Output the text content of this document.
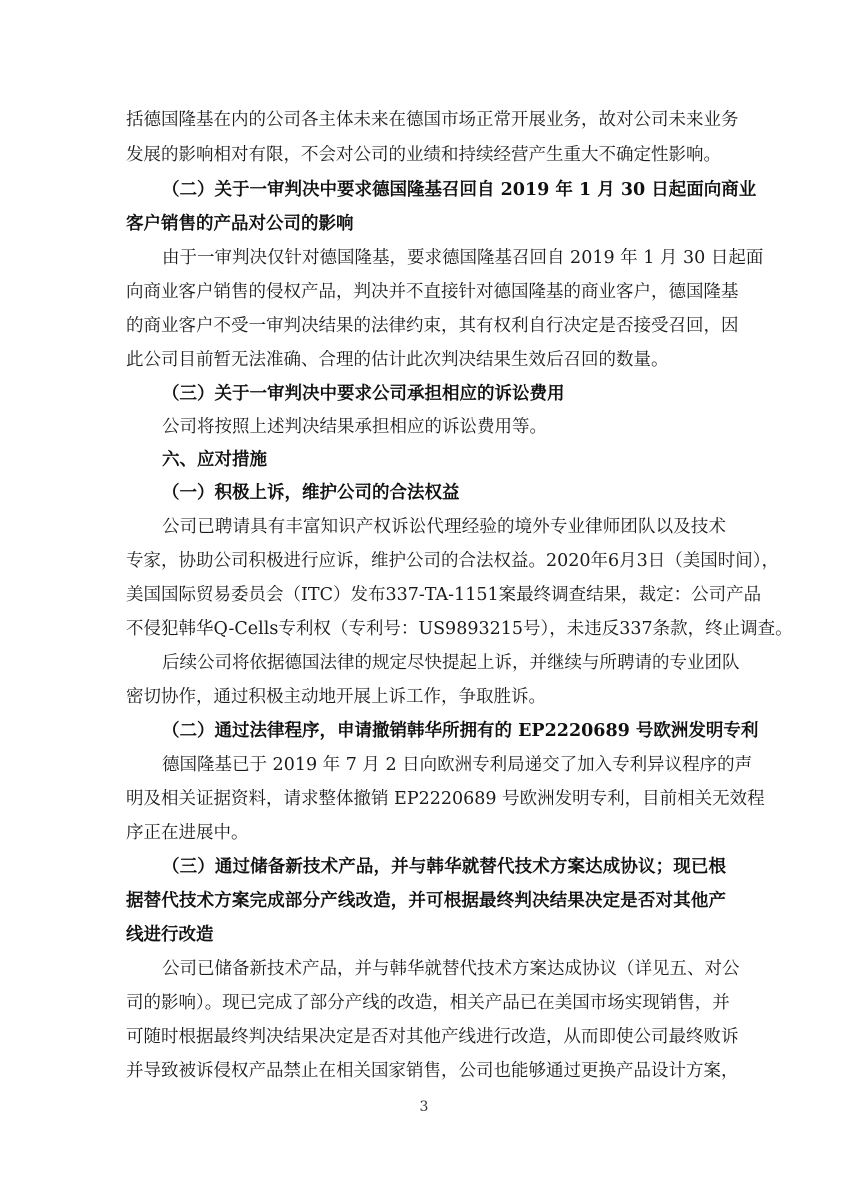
括德国隆基在内的公司各主体未来在德国市场正常开展业务，故对公司未来业务
发展的影响相对有限，不会对公司的业绩和持续经营产生重大不确定性影响。
（二）关于一审判决中要求德国隆基召回自 2019 年 1 月 30 日起面向商业
客户销售的产品对公司的影响
由于一审判决仅针对德国隆基，要求德国隆基召回自 2019 年 1 月 30 日起面
向商业客户销售的侵权产品，判决并不直接针对德国隆基的商业客户，德国隆基
的商业客户不受一审判决结果的法律约束，其有权利自行决定是否接受召回，因
此公司目前暂无法准确、合理的估计此次判决结果生效后召回的数量。
（三）关于一审判决中要求公司承担相应的诉讼费用
公司将按照上述判决结果承担相应的诉讼费用等。
六、应对措施
（一）积极上诉，维护公司的合法权益
公司已聘请具有丰富知识产权诉讼代理经验的境外专业律师团队以及技术
专家，协助公司积极进行应诉，维护公司的合法权益。2020年6月3日（美国时间），
美国国际贸易委员会（ITC）发布337-TA-1151案最终调查结果，裁定：公司产品
不侵犯韩华Q-Cells专利权（专利号：US9893215号），未违反337条款，终止调查。
后续公司将依据德国法律的规定尽快提起上诉，并继续与所聘请的专业团队
密切协作，通过积极主动地开展上诉工作，争取胜诉。
（二）通过法律程序，申请撤销韩华所拥有的 EP2220689 号欧洲发明专利
德国隆基已于 2019 年 7 月 2 日向欧洲专利局递交了加入专利异议程序的声
明及相关证据资料，请求整体撤销 EP2220689 号欧洲发明专利，目前相关无效程
序正在进展中。
（三）通过储备新技术产品，并与韩华就替代技术方案达成协议；现已根
据替代技术方案完成部分产线改造，并可根据最终判决结果决定是否对其他产
线进行改造
公司已储备新技术产品，并与韩华就替代技术方案达成协议（详见五、对公
司的影响）。现已完成了部分产线的改造，相关产品已在美国市场实现销售，并
可随时根据最终判决结果决定是否对其他产线进行改造，从而即使公司最终败诉
并导致被诉侵权产品禁止在相关国家销售，公司也能够通过更换产品设计方案，
3
